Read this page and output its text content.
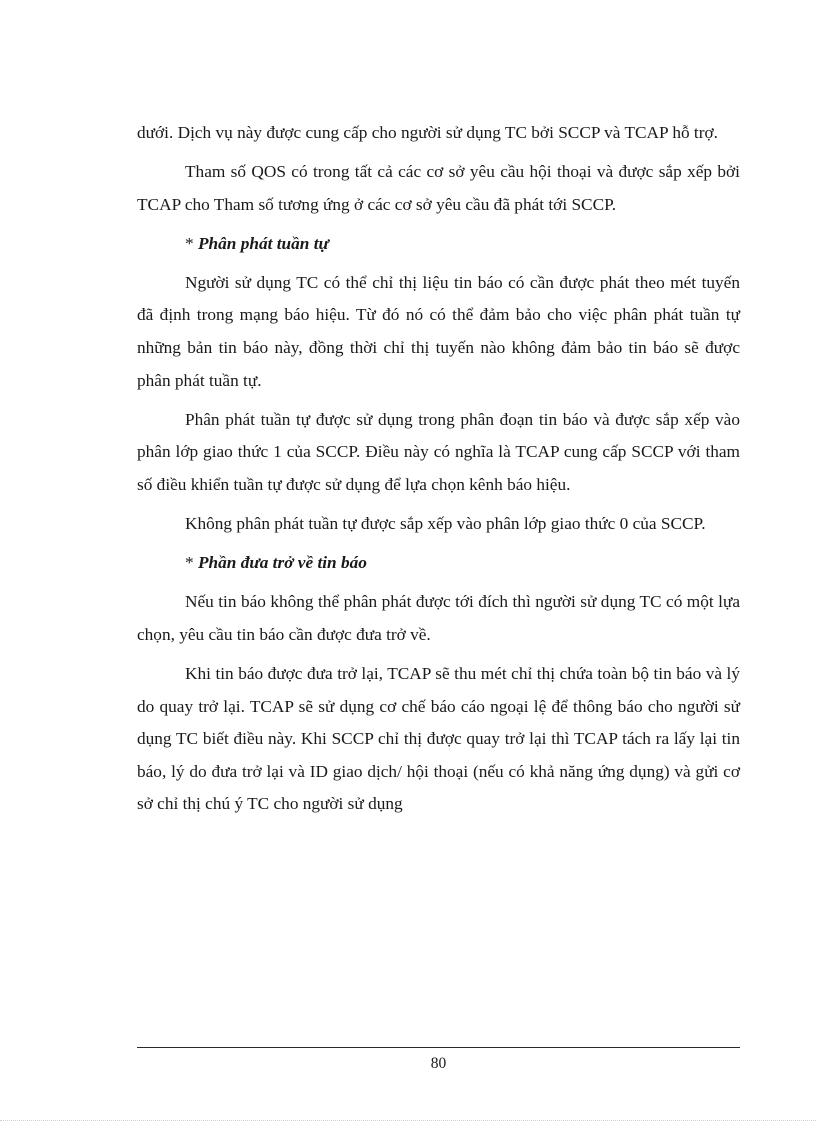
dưới. Dịch vụ này được cung cấp cho người sử dụng TC bởi SCCP và TCAP hỗ trợ.

Tham số QOS có trong tất cả các cơ sở yêu cầu hội thoại và được sắp xếp bởi TCAP cho Tham số tương ứng ở các cơ sở yêu cầu đã phát tới SCCP.

* Phân phát tuần tự

Người sử dụng TC có thể chỉ thị liệu tin báo có cần được phát theo mét tuyến đã định trong mạng báo hiệu. Từ đó nó có thể đảm bảo cho việc phân phát tuần tự những bản tin báo này, đồng thời chỉ thị tuyến nào không đảm bảo tin báo sẽ được phân phát tuần tự.

Phân phát tuần tự được sử dụng trong phân đoạn tin báo và được sắp xếp vào phân lớp giao thức 1 của SCCP. Điều này có nghĩa là TCAP cung cấp SCCP với tham số điều khiển tuần tự được sử dụng để lựa chọn kênh báo hiệu.

Không phân phát tuần tự được sắp xếp vào phân lớp giao thức 0 của SCCP.

* Phần đưa trở về tin báo

Nếu tin báo không thể phân phát được tới đích thì người sử dụng TC có một lựa chọn, yêu cầu tin báo cần được đưa trở về.

Khi tin báo được đưa trở lại, TCAP sẽ thu mét chỉ thị chứa toàn bộ tin báo và lý do quay trở lại. TCAP sẽ sử dụng cơ chế báo cáo ngoại lệ để thông báo cho người sử dụng TC biết điều này. Khi SCCP chỉ thị được quay trở lại thì TCAP tách ra lấy lại tin báo, lý do đưa trở lại và ID giao dịch/ hội thoại (nếu có khả năng ứng dụng) và gửi cơ sở chỉ thị chú ý TC cho người sử dụng

80
